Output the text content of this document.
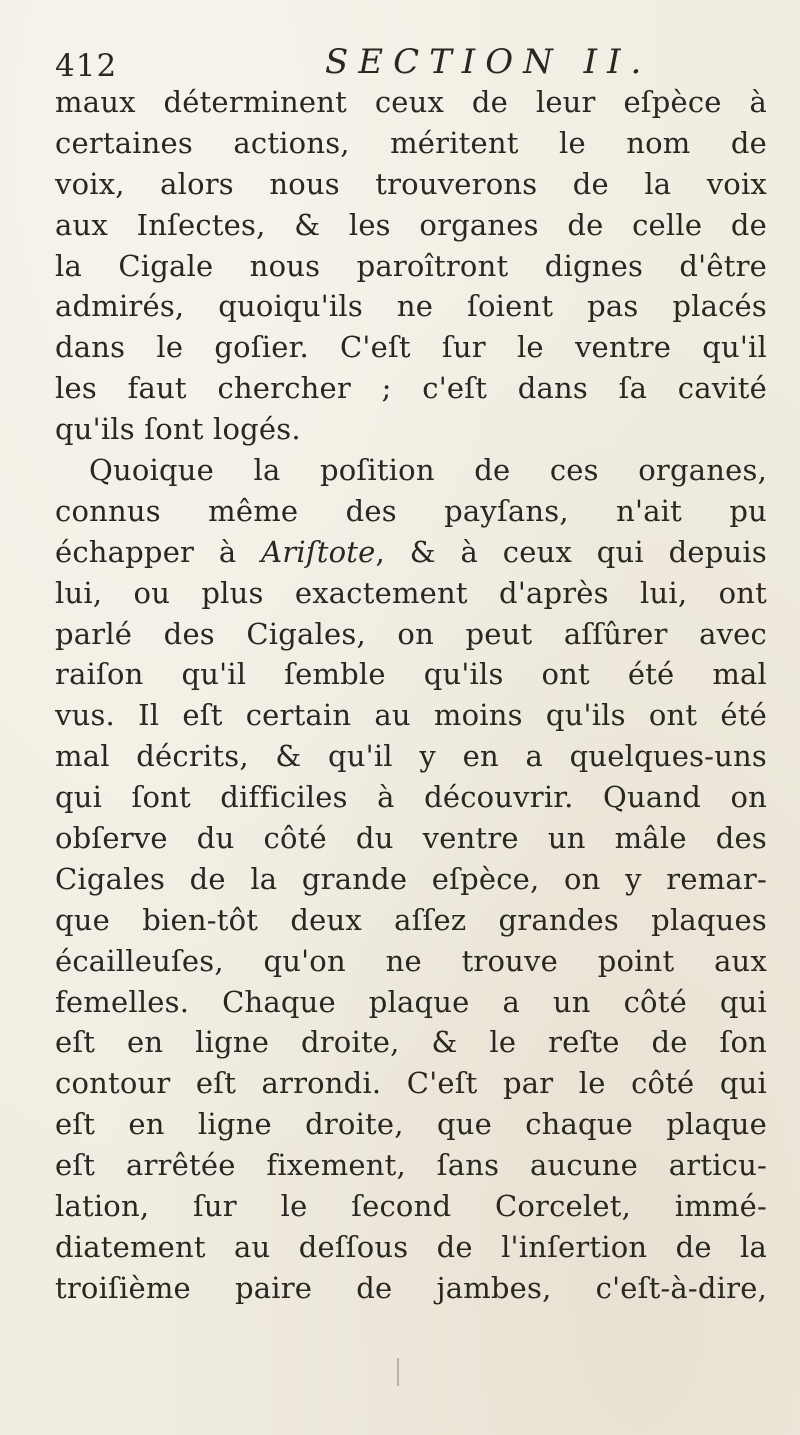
412	SECTION II.
maux déterminent ceux de leur eſpèce à
certaines actions, méritent le nom de
voix, alors nous trouverons de la voix
aux Inſectes, & les organes de celle de
la Cigale nous paroîtront dignes d'être
admirés, quoiqu'ils ne ſoient pas placés
dans le goſier. C'eſt ſur le ventre qu'il
les faut chercher ; c'eſt dans ſa cavité
qu'ils ſont logés.
Quoique la poſition de ces organes,
connus même des payſans, n'ait pu
échapper à Ariſtote, & à ceux qui depuis
lui, ou plus exactement d'après lui, ont
parlé des Cigales, on peut aſſûrer avec
raiſon qu'il ſemble qu'ils ont été mal
vus. Il eſt certain au moins qu'ils ont été
mal décrits, & qu'il y en a quelques-uns
qui ſont difficiles à découvrir. Quand on
obſerve du côté du ventre un mâle des
Cigales de la grande eſpèce, on y remar-
que bien-tôt deux aſſez grandes plaques
écailleuſes, qu'on ne trouve point aux
femelles. Chaque plaque a un côté qui
eſt en ligne droite, & le reſte de ſon
contour eſt arrondi. C'eſt par le côté qui
eſt en ligne droite, que chaque plaque
eſt arrêtée fixement, ſans aucune articu-
lation, ſur le ſecond Corcelet, immé-
diatement au deſſous de l'inſertion de la
troiſième paire de jambes, c'eſt-à-dire,
